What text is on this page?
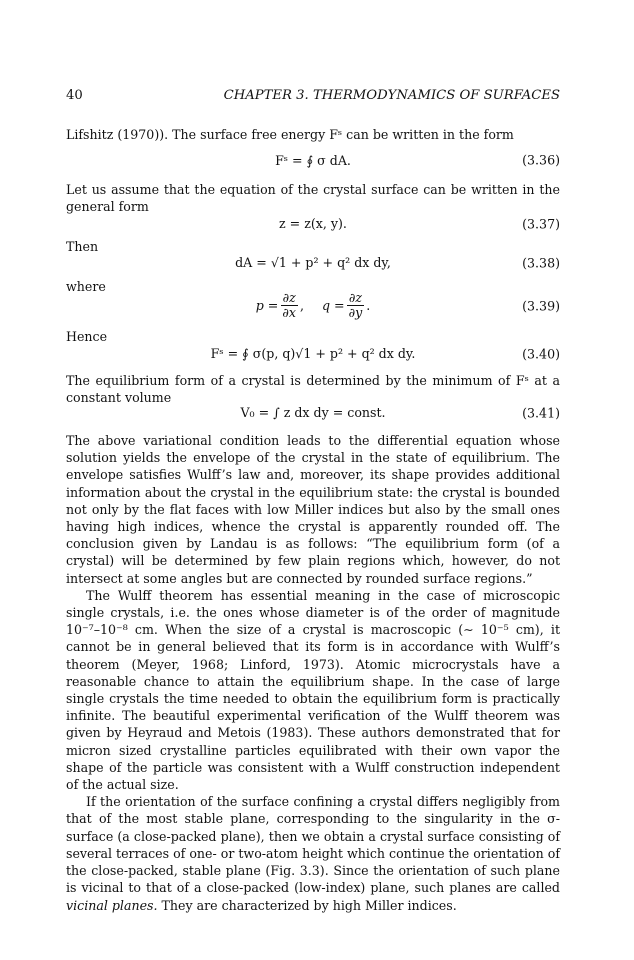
40	CHAPTER 3. THERMODYNAMICS OF SURFACES

Lifshitz (1970)). The surface free energy Fˢ can be written in the form

Fˢ = ∮ σ dA.	(3.36)

Let us assume that the equation of the crystal surface can be written in the general form

z = z(x, y).	(3.37)
Then
dA = √1 + p² + q² dx dy,	(3.38)
where
$p = \frac{\partial z}{\partial x}$ , $q = \frac{\partial z}{\partial y}$ .	(3.39)
Hence
Fˢ = ∮ σ(p, q)√1 + p² + q² dx dy.	(3.40)

The equilibrium form of a crystal is determined by the minimum of Fˢ at a constant volume

V₀ = ∫ z dx dy = const.	(3.41)

The above variational condition leads to the differential equation whose solution yields the envelope of the crystal in the state of equilibrium. The envelope satisfies Wulff’s law and, moreover, its shape provides additional information about the crystal in the equilibrium state: the crystal is bounded not only by the flat faces with low Miller indices but also by the small ones having high indices, whence the crystal is apparently rounded off. The conclusion given by Landau is as follows: “The equilibrium form (of a crystal) will be determined by few plain regions which, however, do not intersect at some angles but are connected by rounded surface regions.”

The Wulff theorem has essential meaning in the case of microscopic single crystals, i.e. the ones whose diameter is of the order of magnitude 10⁻⁷–10⁻⁸ cm. When the size of a crystal is macroscopic (∼ 10⁻⁵ cm), it cannot be in general believed that its form is in accordance with Wulff’s theorem (Meyer, 1968; Linford, 1973). Atomic microcrystals have a reasonable chance to attain the equilibrium shape. In the case of large single crystals the time needed to obtain the equilibrium form is practically infinite. The beautiful experimental verification of the Wulff theorem was given by Heyraud and Metois (1983). These authors demonstrated that for micron sized crystalline particles equilibrated with their own vapor the shape of the particle was consistent with a Wulff construction independent of the actual size.

If the orientation of the surface confining a crystal differs negligibly from that of the most stable plane, corresponding to the singularity in the σ-surface (a close-packed plane), then we obtain a crystal surface consisting of several terraces of one- or two-atom height which continue the orientation of the close-packed, stable plane (Fig. 3.3). Since the orientation of such plane is vicinal to that of a close-packed (low-index) plane, such planes are called vicinal planes. They are characterized by high Miller indices.
